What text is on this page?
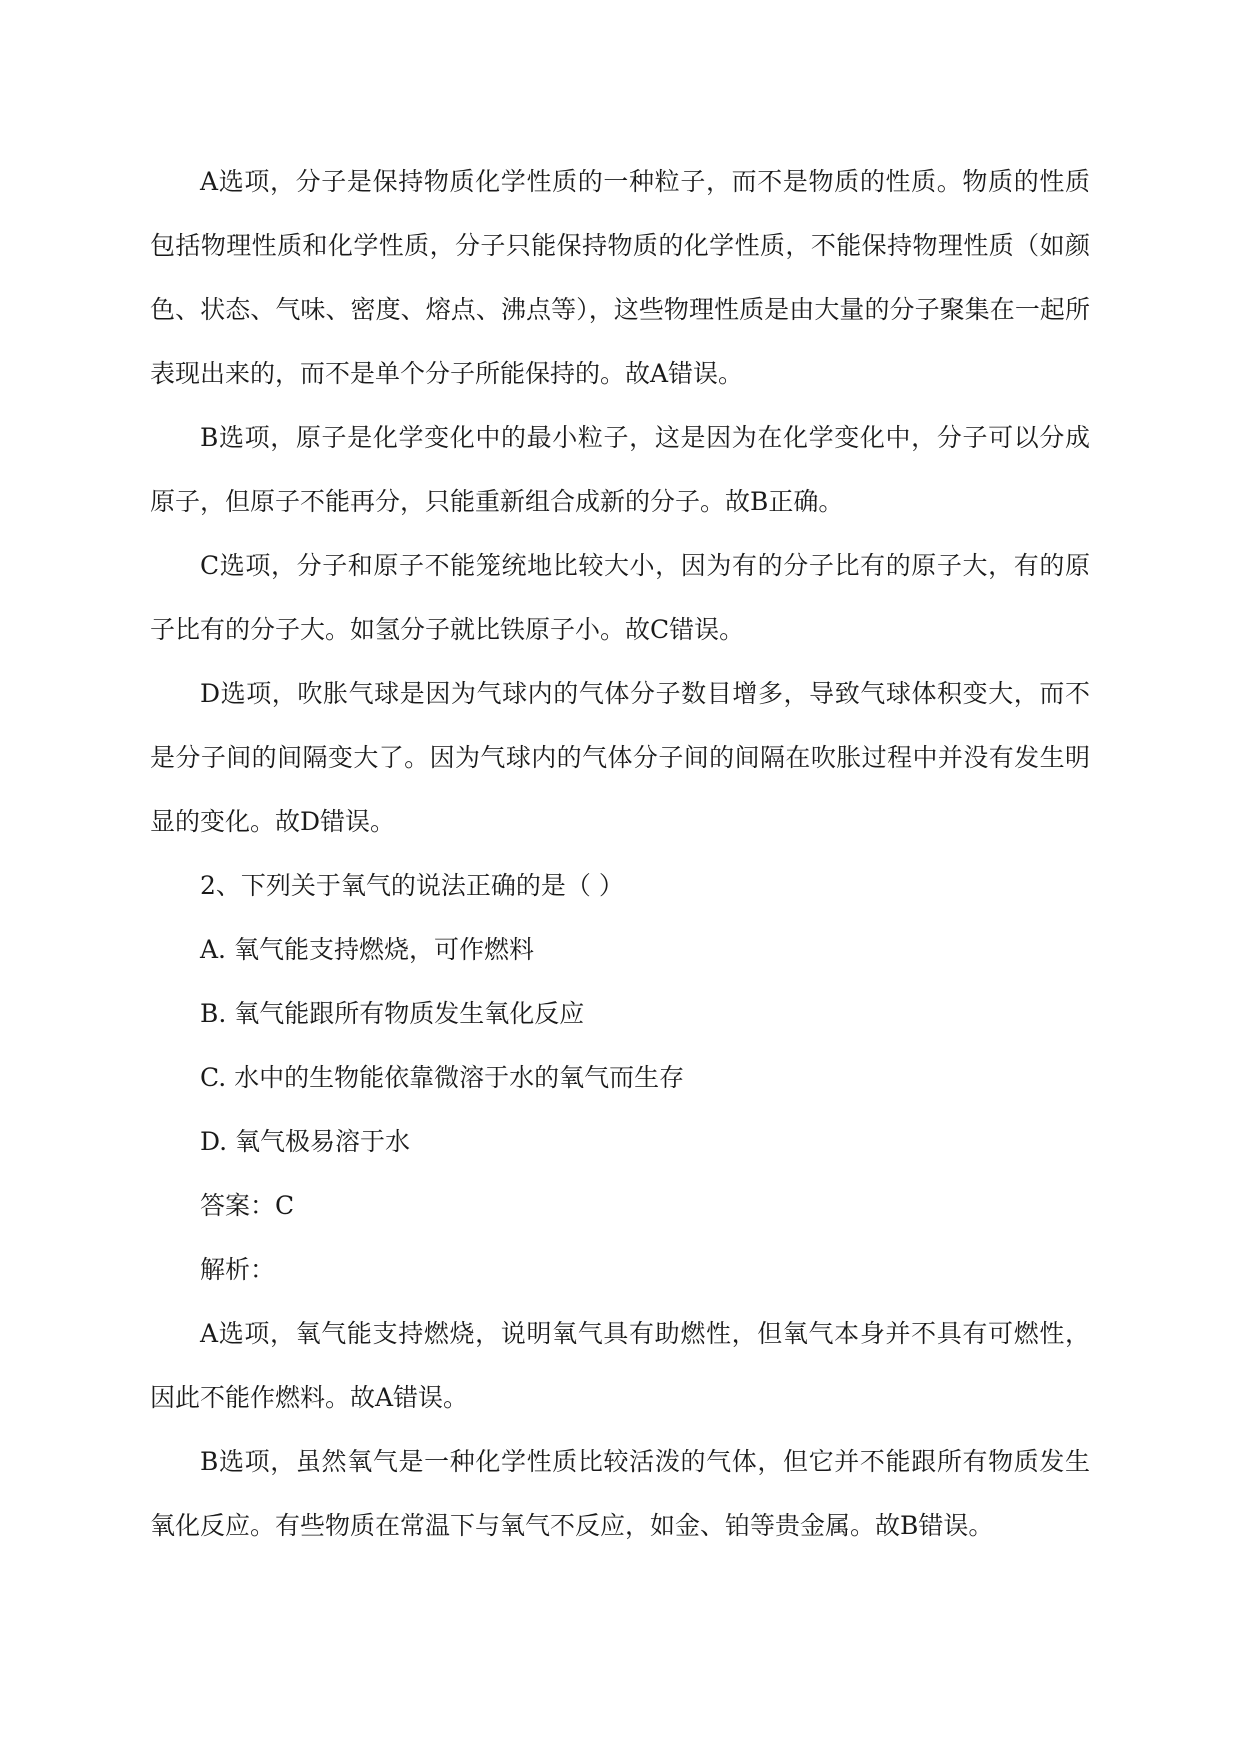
A选项，分子是保持物质化学性质的一种粒子，而不是物质的性质。物质的性质包括物理性质和化学性质，分子只能保持物质的化学性质，不能保持物理性质（如颜色、状态、气味、密度、熔点、沸点等），这些物理性质是由大量的分子聚集在一起所表现出来的，而不是单个分子所能保持的。故A错误。

B选项，原子是化学变化中的最小粒子，这是因为在化学变化中，分子可以分成原子，但原子不能再分，只能重新组合成新的分子。故B正确。

C选项，分子和原子不能笼统地比较大小，因为有的分子比有的原子大，有的原子比有的分子大。如氢分子就比铁原子小。故C错误。

D选项，吹胀气球是因为气球内的气体分子数目增多，导致气球体积变大，而不是分子间的间隔变大了。因为气球内的气体分子间的间隔在吹胀过程中并没有发生明显的变化。故D错误。

2、下列关于氧气的说法正确的是（ ）

A. 氧气能支持燃烧，可作燃料

B. 氧气能跟所有物质发生氧化反应

C. 水中的生物能依靠微溶于水的氧气而生存

D. 氧气极易溶于水

答案：C

解析：

A选项，氧气能支持燃烧，说明氧气具有助燃性，但氧气本身并不具有可燃性，因此不能作燃料。故A错误。

B选项，虽然氧气是一种化学性质比较活泼的气体，但它并不能跟所有物质发生氧化反应。有些物质在常温下与氧气不反应，如金、铂等贵金属。故B错误。
